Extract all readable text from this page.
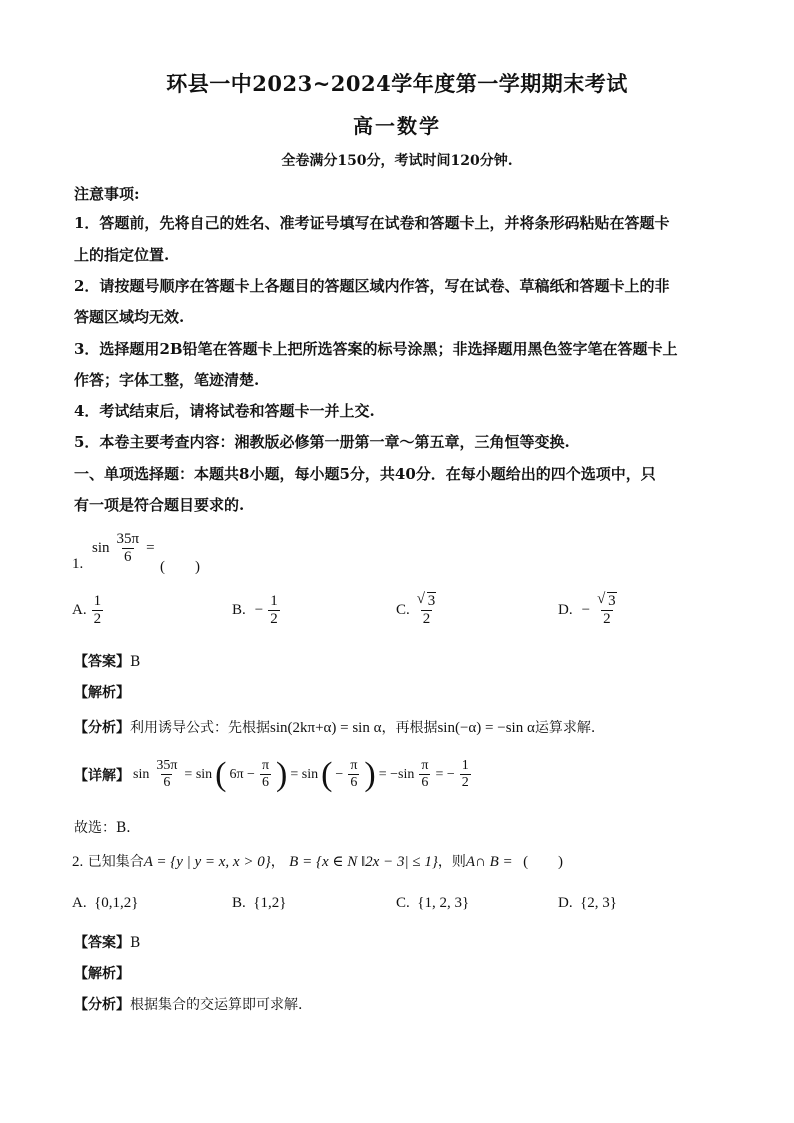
环县一中2023~2024学年度第一学期期末考试
高一数学
全卷满分150分，考试时间120分钟.
注意事项:
1．答题前，先将自己的姓名、准考证号填写在试卷和答题卡上，并将条形码粘贴在答题卡
上的指定位置.
2．请按题号顺序在答题卡上各题目的答题区域内作答，写在试卷、草稿纸和答题卡上的非
答题区域均无效.
3．选择题用2B铅笔在答题卡上把所选答案的标号涂黑；非选择题用黑色签字笔在答题卡上
作答；字体工整，笔迹清楚.
4．考试结束后，请将试卷和答题卡一并上交.
5．本卷主要考查内容：湘教版必修第一册第一章～第五章，三角恒等变换.
一、单项选择题：本题共8小题，每小题5分，共40分．在每小题给出的四个选项中，只
有一项是符合题目要求的.
1.
$\sin \frac{35\pi}{6}$ =
(　　)
A. $\frac{1}{2}$	B. − $\frac{1}{2}$	C. $\frac{√ 3}{2}$	D. − $\frac{√ 3}{2}$
【答案】B
【解析】
【分析】利用诱导公式：先根据sin(2kπ+α) = sin α，再根据sin(−α) = −sin α运算求解.
【详解】 $\sin \frac{35\pi}{6} = \sin$ ( $6\pi - \frac{\pi}{6}$ ) = sin ( − $\frac{\pi}{6}$ ) = $-\sin \frac{\pi}{6}$ = − $\frac{1}{2}$
故选：B．
2. 已知集合A = {y | y = x, x > 0}， B = {x ∈ N ‖2x − 3| ≤ 1}，则A∩ B = (　　)
A. {0,1,2}	B. {1,2}	C. {1, 2, 3}	D. {2, 3}
【答案】B
【解析】
【分析】根据集合的交运算即可求解.
